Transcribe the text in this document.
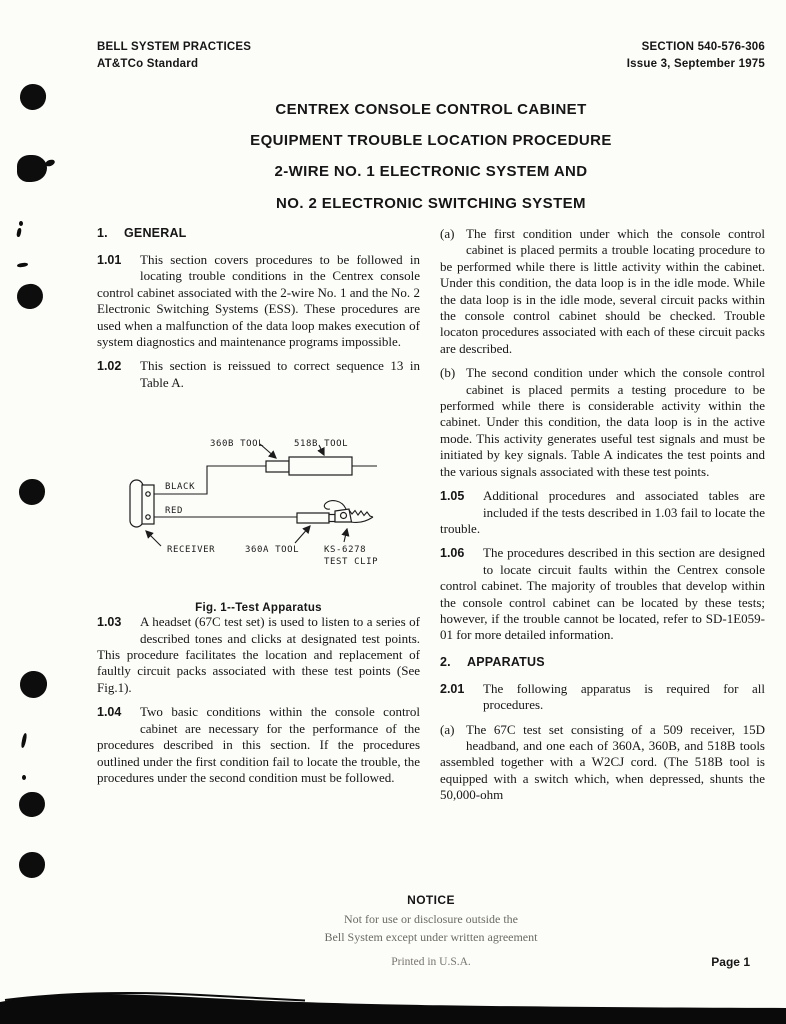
BELL SYSTEM PRACTICES
AT&TCo Standard
SECTION 540-576-306
Issue 3, September 1975
CENTREX CONSOLE CONTROL CABINET
EQUIPMENT TROUBLE LOCATION PROCEDURE
2-WIRE NO. 1 ELECTRONIC SYSTEM AND
NO. 2 ELECTRONIC SWITCHING SYSTEM
1. GENERAL

1.01	This section covers procedures to be followed in locating trouble conditions in the Centrex console control cabinet associated with the 2-wire No. 1 and the No. 2 Electronic Switching Systems (ESS). These procedures are used when a malfunction of the data loop makes execution of system diagnostics and maintenance programs impossible.

1.02	This section is reissued to correct sequence 13 in Table A.

360B TOOL	518B TOOL
BLACK
RED
RECEIVER	360A TOOL	KS-6278
TEST CLIP
Fig. 1--Test Apparatus

1.03	A headset (67C test set) is used to listen to a series of described tones and clicks at designated test points. This procedure facilitates the location and replacement of faultly circuit packs associated with these test points (See Fig.1).

1.04	Two basic conditions within the console control cabinet are necessary for the performance of the procedures described in this section. If the procedures outlined under the first condition fail to locate the trouble, the procedures under the second condition must be followed.

(a) The first condition under which the console control cabinet is placed permits a trouble locating procedure to be performed while there is little activity within the cabinet. Under this condition, the data loop is in the idle mode. While the data loop is in the idle mode, several circuit packs within the console control cabinet should be checked. Trouble locaton procedures associated with each of these circuit packs are described.

(b) The second condition under which the console control cabinet is placed permits a testing procedure to be performed while there is considerable activity within the cabinet. Under this condition, the data loop is in the active mode. This activity generates useful test signals and must be initiated by key signals. Table A indicates the test points and the various signals associated with these test points.

1.05	Additional procedures and associated tables are included if the tests described in 1.03 fail to locate the trouble.

1.06	The procedures described in this section are designed to locate circuit faults within the Centrex console control cabinet. The majority of troubles that develop within the console control cabinet can be located by these tests; however, if the trouble cannot be located, refer to SD-1E059-01 for more detailed information.

2. APPARATUS

2.01	The following apparatus is required for all procedures.

(a) The 67C test set consisting of a 509 receiver, 15D headband, and one each of 360A, 360B, and 518B tools assembled together with a W2CJ cord. (The 518B tool is equipped with a switch which, when depressed, shunts the 50,000-ohm

NOTICE
Not for use or disclosure outside the
Bell System except under written agreement
Printed in U.S.A.	Page 1
